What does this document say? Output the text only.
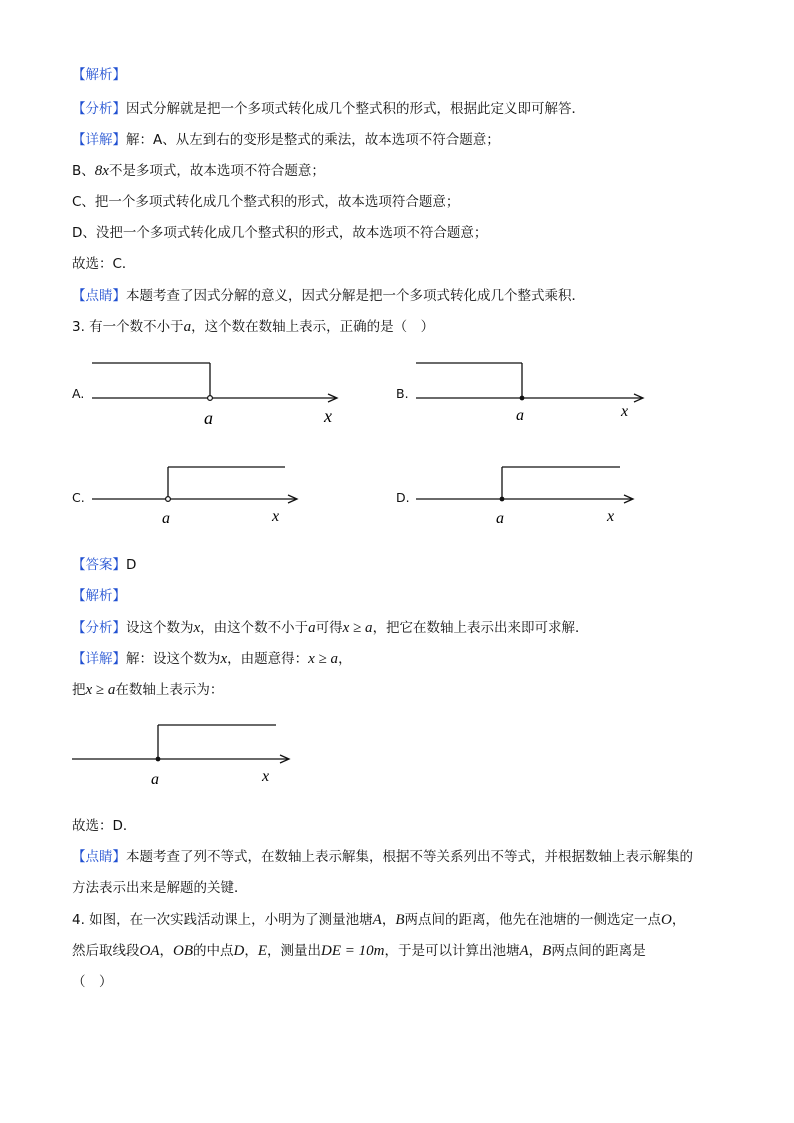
【解析】
【分析】因式分解就是把一个多项式转化成几个整式积的形式，根据此定义即可解答．
【详解】解：A、从左到右的变形是整式的乘法，故本选项不符合题意；
B、8x不是多项式，故本选项不符合题意；
C、把一个多项式转化成几个整式积的形式，故本选项符合题意；
D、没把一个多项式转化成几个整式积的形式，故本选项不符合题意；
故选：C．
【点睛】本题考查了因式分解的意义，因式分解是把一个多项式转化成几个整式乘积．
3. 有一个数不小于a，这个数在数轴上表示，正确的是（　）
A.
a	x
B.
a	x
C.
a	x
D.
a	x
【答案】D
【解析】
【分析】设这个数为x，由这个数不小于a可得x ≥ a，把它在数轴上表示出来即可求解．
【详解】解：设这个数为x，由题意得：x ≥ a，
把x ≥ a在数轴上表示为：
a	x
故选：D．
【点睛】本题考查了列不等式，在数轴上表示解集，根据不等关系列出不等式，并根据数轴上表示解集的
方法表示出来是解题的关键．
4. 如图，在一次实践活动课上，小明为了测量池塘A，B两点间的距离，他先在池塘的一侧选定一点O，
然后取线段OA，OB的中点D，E，测量出DE = 10m，于是可以计算出池塘A，B两点间的距离是
（　）
